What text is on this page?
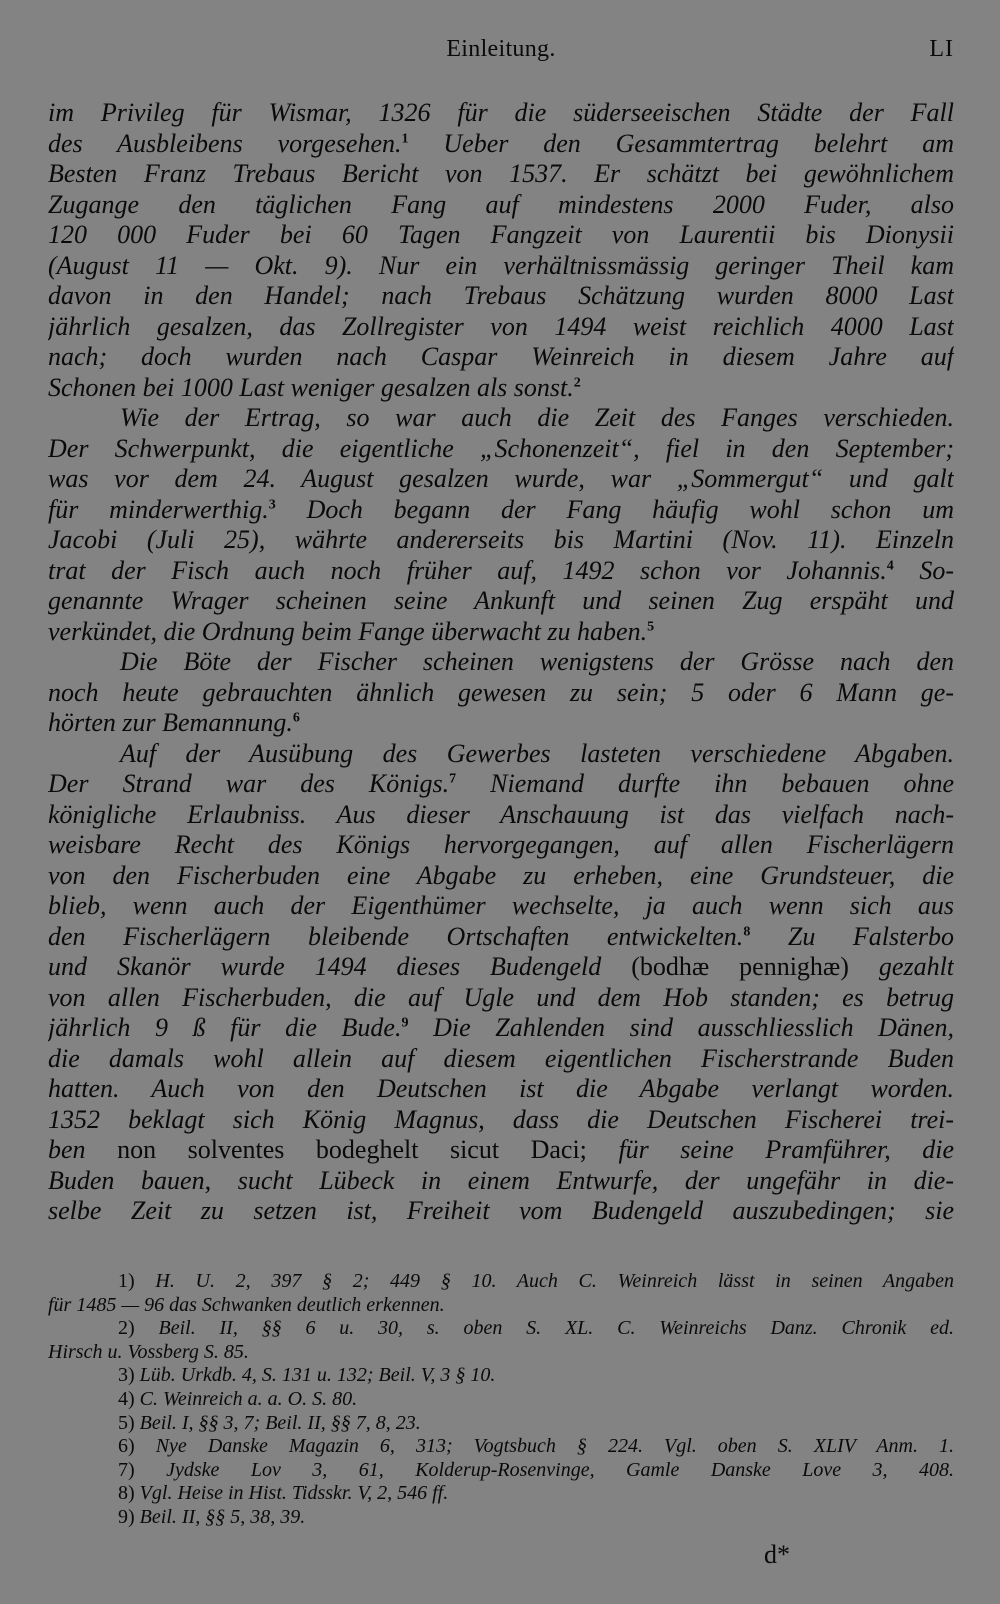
Einleitung.	LI
im Privileg für Wismar, 1326 für die süderseeischen Städte der Fall
des Ausbleibens vorgesehen.$^1$ Ueber den Gesammtertrag belehrt am
Besten Franz Trebaus Bericht von 1537. Er schätzt bei gewöhnlichem
Zugange den täglichen Fang auf mindestens 2000 Fuder, also
120 000 Fuder bei 60 Tagen Fangzeit von Laurentii bis Dionysii
(August 11 — Okt. 9). Nur ein verhältnissmässig geringer Theil kam
davon in den Handel; nach Trebaus Schätzung wurden 8000 Last
jährlich gesalzen, das Zollregister von 1494 weist reichlich 4000 Last
nach; doch wurden nach Caspar Weinreich in diesem Jahre auf
Schonen bei 1000 Last weniger gesalzen als sonst.$^2$
Wie der Ertrag, so war auch die Zeit des Fanges verschieden.
Der Schwerpunkt, die eigentliche „Schonenzeit“, fiel in den September;
was vor dem 24. August gesalzen wurde, war „Sommergut“ und galt
für minderwerthig.$^3$ Doch begann der Fang häufig wohl schon um
Jacobi (Juli 25), währte andererseits bis Martini (Nov. 11). Einzeln
trat der Fisch auch noch früher auf, 1492 schon vor Johannis.$^4$ So-
genannte Wrager scheinen seine Ankunft und seinen Zug erspäht und
verkündet, die Ordnung beim Fange überwacht zu haben.$^5$
Die Böte der Fischer scheinen wenigstens der Grösse nach den
noch heute gebrauchten ähnlich gewesen zu sein; 5 oder 6 Mann ge-
hörten zur Bemannung.$^6$
Auf der Ausübung des Gewerbes lasteten verschiedene Abgaben.
Der Strand war des Königs.$^7$ Niemand durfte ihn bebauen ohne
königliche Erlaubniss. Aus dieser Anschauung ist das vielfach nach-
weisbare Recht des Königs hervorgegangen, auf allen Fischerlägern
von den Fischerbuden eine Abgabe zu erheben, eine Grundsteuer, die
blieb, wenn auch der Eigenthümer wechselte, ja auch wenn sich aus
den Fischerlägern bleibende Ortschaften entwickelten.$^8$ Zu Falsterbo
und Skanör wurde 1494 dieses Budengeld (bodhæ pennighæ) gezahlt
von allen Fischerbuden, die auf Ugle und dem Hob standen; es betrug
jährlich 9 ß für die Bude.$^9$ Die Zahlenden sind ausschliesslich Dänen,
die damals wohl allein auf diesem eigentlichen Fischerstrande Buden
hatten. Auch von den Deutschen ist die Abgabe verlangt worden.
1352 beklagt sich König Magnus, dass die Deutschen Fischerei trei-
ben non solventes bodeghelt sicut Daci; für seine Pramführer, die
Buden bauen, sucht Lübeck in einem Entwurfe, der ungefähr in die-
selbe Zeit zu setzen ist, Freiheit vom Budengeld auszubedingen; sie
1) H. U. 2, 397 § 2; 449 § 10. Auch C. Weinreich lässt in seinen Angaben
für 1485 — 96 das Schwanken deutlich erkennen.
2) Beil. II, §§ 6 u. 30, s. oben S. XL. C. Weinreichs Danz. Chronik ed.
Hirsch u. Vossberg S. 85.
3) Lüb. Urkdb. 4, S. 131 u. 132; Beil. V, 3 § 10.
4) C. Weinreich a. a. O. S. 80.
5) Beil. I, §§ 3, 7; Beil. II, §§ 7, 8, 23.
6) Nye Danske Magazin 6, 313; Vogtsbuch § 224. Vgl. oben S. XLIV Anm. 1.
7) Jydske Lov 3, 61, Kolderup-Rosenvinge, Gamle Danske Love 3, 408.
8) Vgl. Heise in Hist. Tidsskr. V, 2, 546 ff.
9) Beil. II, §§ 5, 38, 39.
d*
